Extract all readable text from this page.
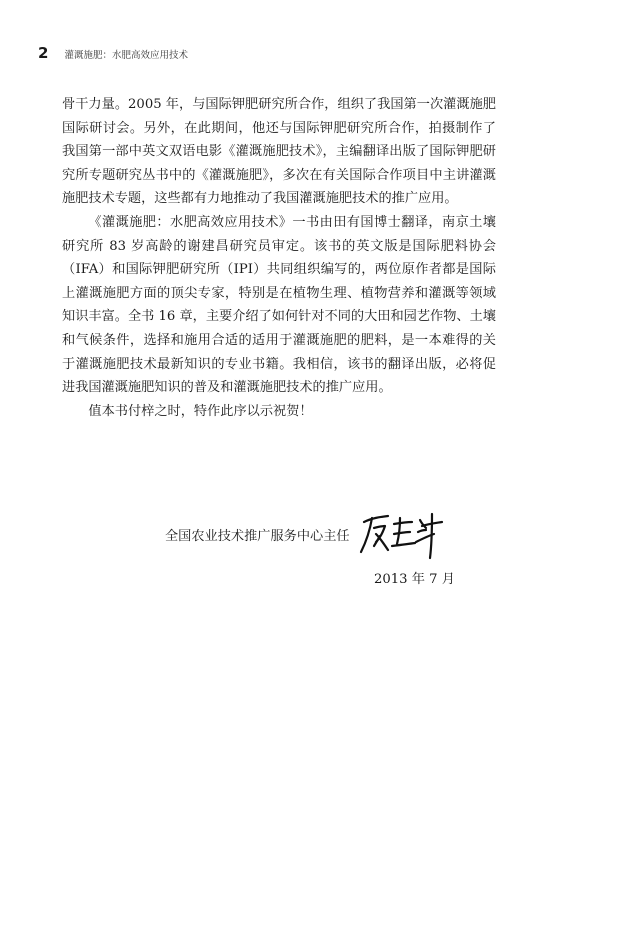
2 灌溉施肥：水肥高效应用技术

骨干力量。2005 年，与国际钾肥研究所合作，组织了我国第一次灌溉施肥国际研讨会。另外，在此期间，他还与国际钾肥研究所合作，拍摄制作了我国第一部中英文双语电影《灌溉施肥技术》，主编翻译出版了国际钾肥研究所专题研究丛书中的《灌溉施肥》，多次在有关国际合作项目中主讲灌溉施肥技术专题，这些都有力地推动了我国灌溉施肥技术的推广应用。

《灌溉施肥：水肥高效应用技术》一书由田有国博士翻译，南京土壤研究所 83 岁高龄的谢建昌研究员审定。该书的英文版是国际肥料协会（IFA）和国际钾肥研究所（IPI）共同组织编写的，两位原作者都是国际上灌溉施肥方面的顶尖专家，特别是在植物生理、植物营养和灌溉等领域知识丰富。全书 16 章，主要介绍了如何针对不同的大田和园艺作物、土壤和气候条件，选择和施用合适的适用于灌溉施肥的肥料，是一本难得的关于灌溉施肥技术最新知识的专业书籍。我相信，该书的翻译出版，必将促进我国灌溉施肥知识的普及和灌溉施肥技术的推广应用。

值本书付梓之时，特作此序以示祝贺！

全国农业技术推广服务中心主任
2013 年 7 月
